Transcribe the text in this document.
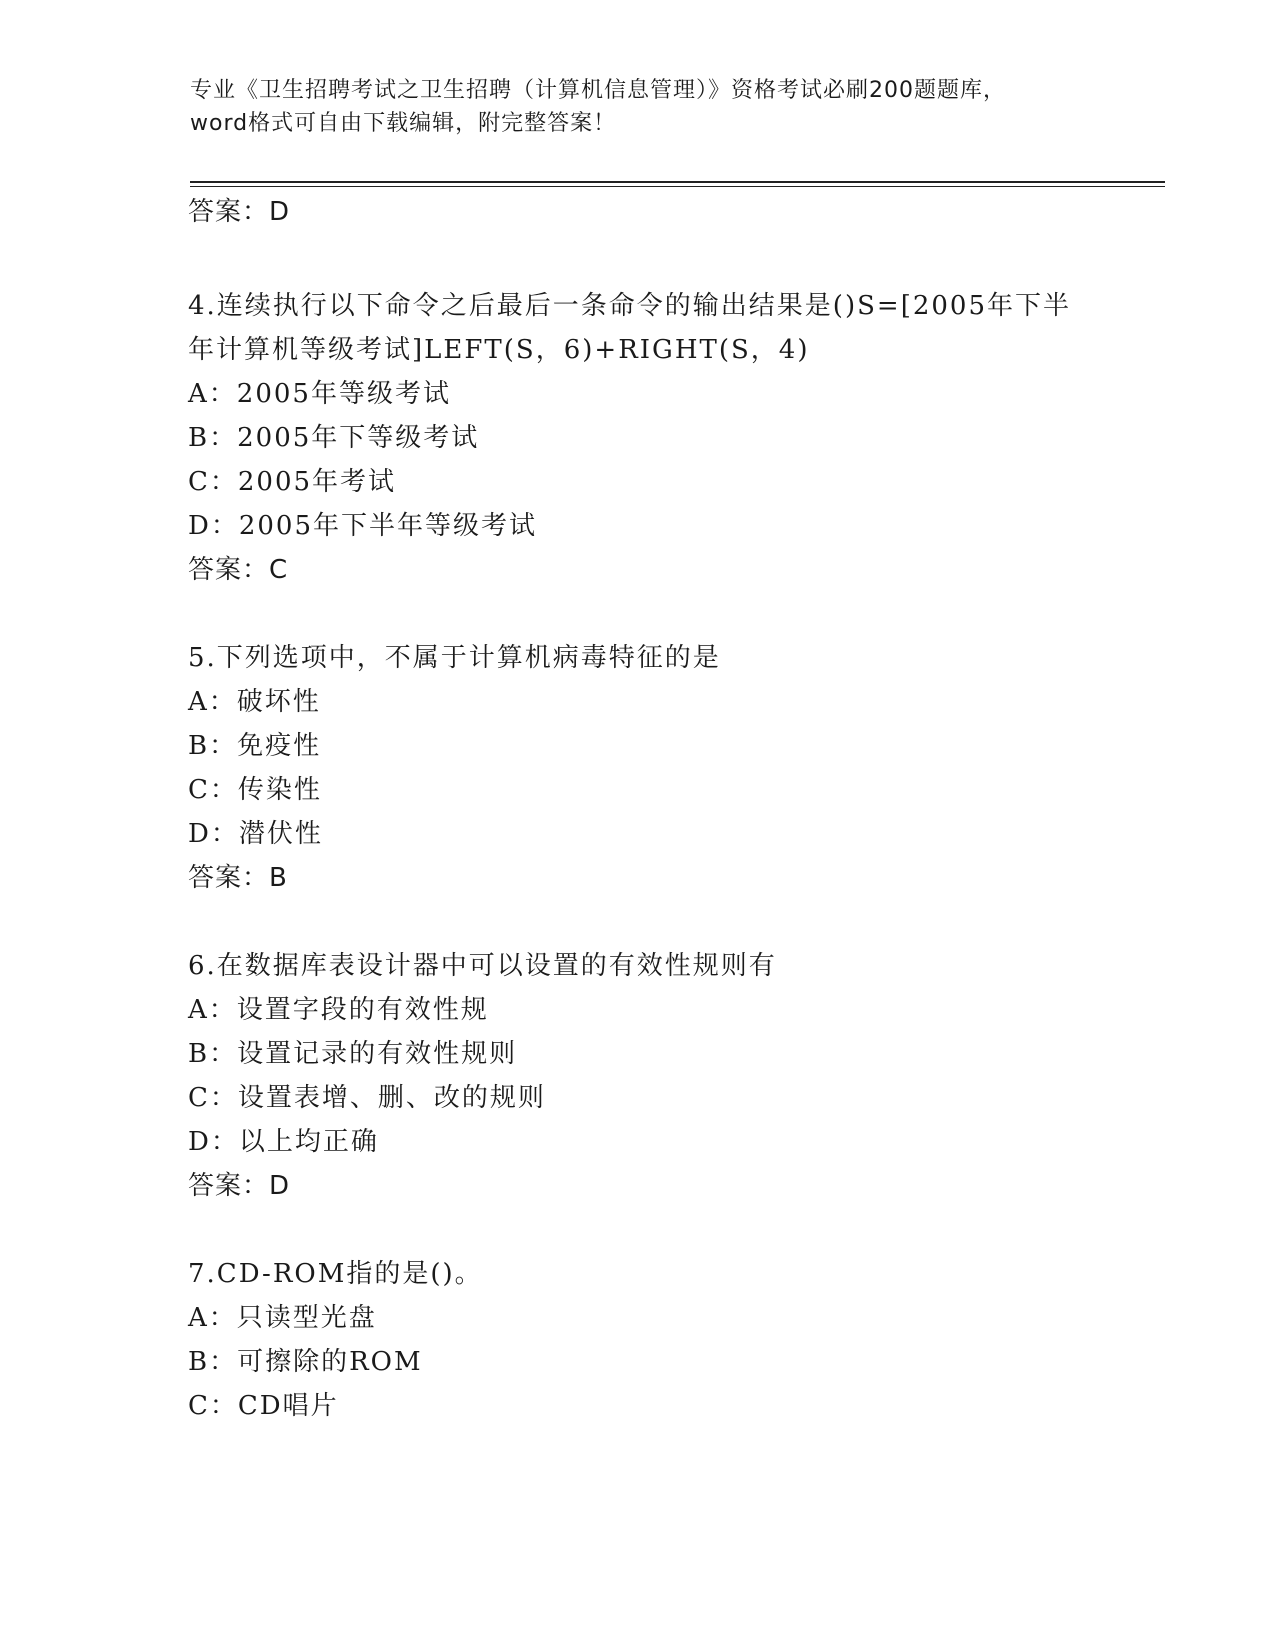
专业《卫生招聘考试之卫生招聘（计算机信息管理）》资格考试必刷200题题库，
word格式可自由下载编辑，附完整答案！
答案：D
4.连续执行以下命令之后最后一条命令的输出结果是()S=[2005年下半
年计算机等级考试]LEFT(S，6)+RIGHT(S，4)
A：2005年等级考试
B：2005年下等级考试
C：2005年考试
D：2005年下半年等级考试
答案：C
5.下列选项中，不属于计算机病毒特征的是
A：破坏性
B：免疫性
C：传染性
D：潜伏性
答案：B
6.在数据库表设计器中可以设置的有效性规则有
A：设置字段的有效性规
B：设置记录的有效性规则
C：设置表增、删、改的规则
D：以上均正确
答案：D
7.CD-ROM指的是()。
A：只读型光盘
B：可擦除的ROM
C：CD唱片
